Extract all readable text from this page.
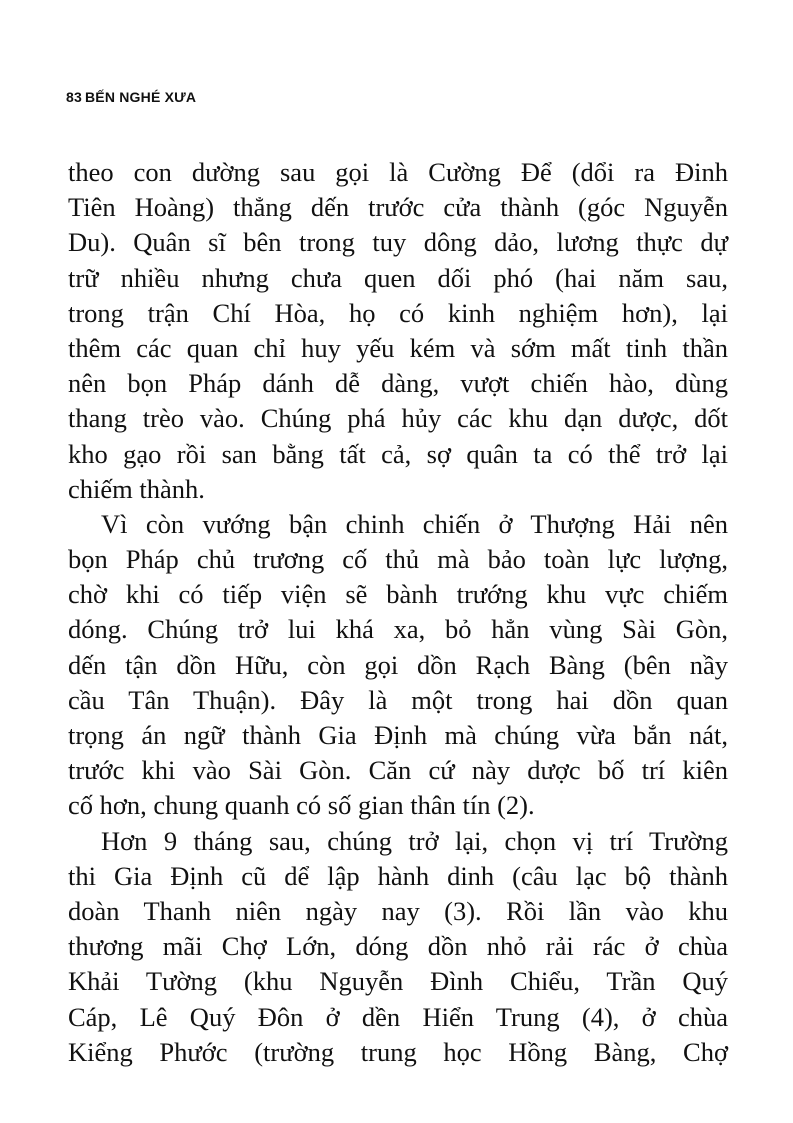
83 BẾN NGHÉ XƯA
theo con dường sau gọi là Cường Để (dổi ra Đinh
Tiên Hoàng) thẳng dến trước cửa thành (góc Nguyễn
Du). Quân sĩ bên trong tuy dông dảo, lương thực dự
trữ nhiều nhưng chưa quen dối phó (hai năm sau,
trong trận Chí Hòa, họ có kinh nghiệm hơn), lại
thêm các quan chỉ huy yếu kém và sớm mất tinh thần
nên bọn Pháp dánh dễ dàng, vượt chiến hào, dùng
thang trèo vào. Chúng phá hủy các khu dạn dược, dốt
kho gạo rồi san bằng tất cả, sợ quân ta có thể trở lại
chiếm thành.
Vì còn vướng bận chinh chiến ở Thượng Hải nên
bọn Pháp chủ trương cố thủ mà bảo toàn lực lượng,
chờ khi có tiếp viện sẽ bành trướng khu vực chiếm
dóng. Chúng trở lui khá xa, bỏ hẳn vùng Sài Gòn,
dến tận dồn Hữu, còn gọi dồn Rạch Bàng (bên nầy
cầu Tân Thuận). Đây là một trong hai dồn quan
trọng án ngữ thành Gia Định mà chúng vừa bắn nát,
trước khi vào Sài Gòn. Căn cứ này dược bố trí kiên
cố hơn, chung quanh có số gian thân tín (2).
Hơn 9 tháng sau, chúng trở lại, chọn vị trí Trường
thi Gia Định cũ dể lập hành dinh (câu lạc bộ thành
doàn Thanh niên ngày nay (3). Rồi lần vào khu
thương mãi Chợ Lớn, dóng dồn nhỏ rải rác ở chùa
Khải Tường (khu Nguyễn Đình Chiểu, Trần Quý
Cáp, Lê Quý Đôn ở dền Hiển Trung (4), ở chùa
Kiểng Phước (trường trung học Hồng Bàng, Chợ
